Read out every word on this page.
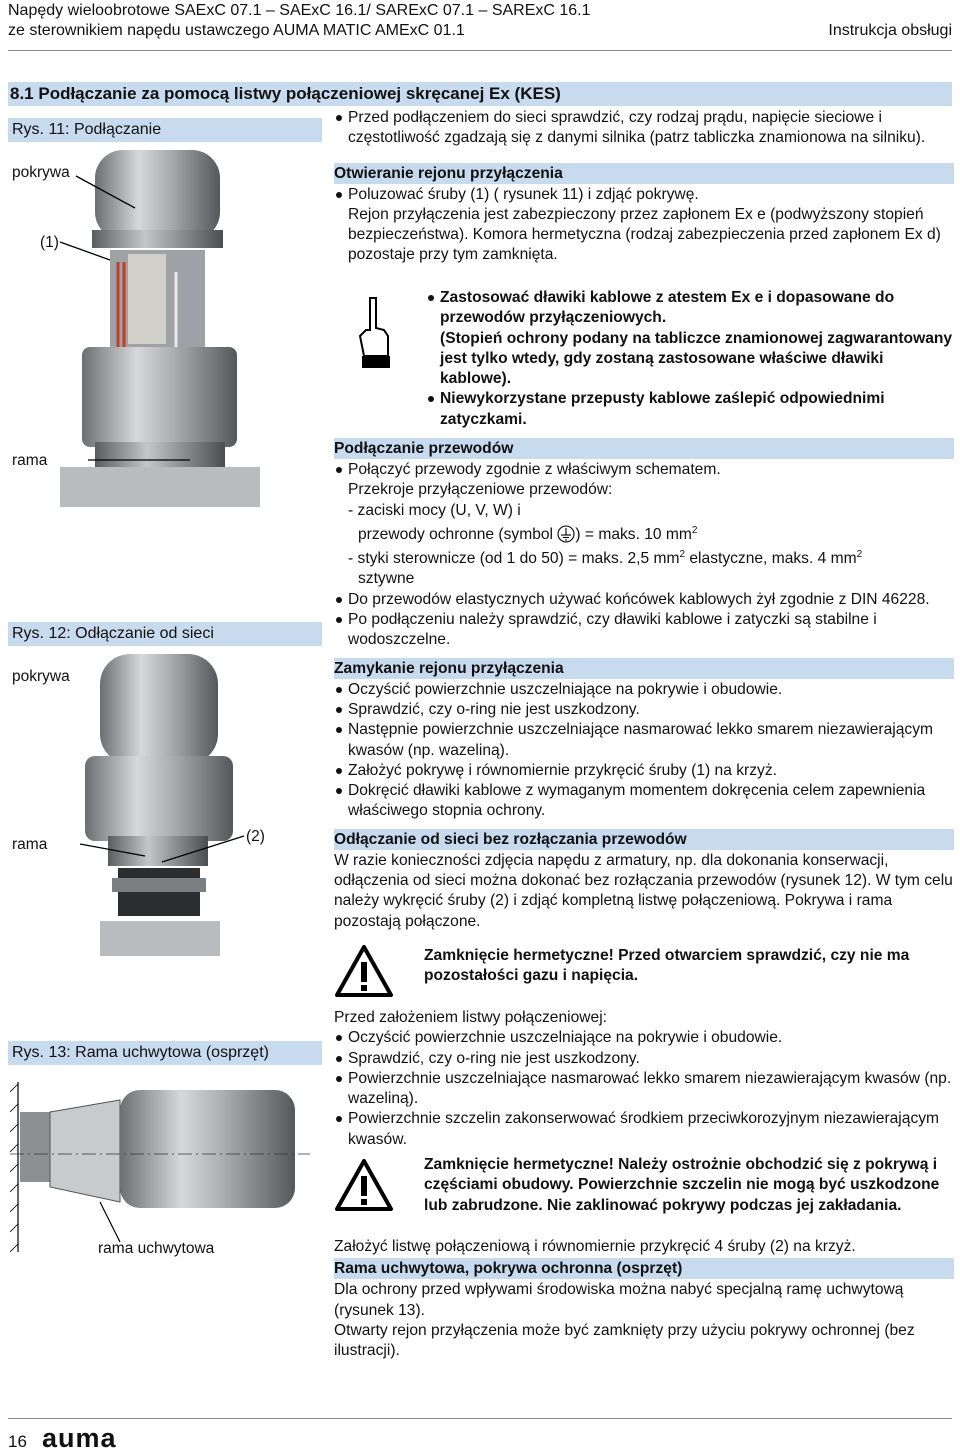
Napędy wieloobrotowe SAExC 07.1 – SAExC 16.1/ SARExC 07.1 – SARExC 16.1
ze sterownikiem napędu ustawczego AUMA MATIC AMExC 01.1	Instrukcja obsługi
8.1 Podłączanie za pomocą listwy połączeniowej skręcanej Ex (KES)
Rys. 11: Podłączanie
pokrywa
(1)
rama
Rys. 12: Odłączanie od sieci
pokrywa
rama	(2)
Rys. 13: Rama uchwytowa (osprzęt)
rama uchwytowa
Przed podłączeniem do sieci sprawdzić, czy rodzaj prądu, napięcie sieciowe i częstotliwość zgadzają się z danymi silnika (patrz tabliczka znamionowa na silniku).
Otwieranie rejonu przyłączenia
Poluzować śruby (1) ( rysunek 11) i zdjąć pokrywę.
Rejon przyłączenia jest zabezpieczony przez zapłonem Ex e (podwyższony stopień bezpieczeństwa). Komora hermetyczna (rodzaj zabezpieczenia przed zapłonem Ex d) pozostaje przy tym zamknięta.
Zastosować dławiki kablowe z atestem Ex e i dopasowane do przewodów przyłączeniowych.
(Stopień ochrony podany na tabliczce znamionowej zagwarantowany jest tylko wtedy, gdy zostaną zastosowane właściwe dławiki kablowe).
Niewykorzystane przepusty kablowe zaślepić odpowiednimi zatyczkami.
Podłączanie przewodów
Połączyć przewody zgodnie z właściwym schematem.
Przekroje przyłączeniowe przewodów:
- zaciski mocy (U, V, W) i
przewody ochronne (symbol ) = maks. 10 $mm^2$
- styki sterownicze (od 1 do 50) = maks. 2,5 $mm^2$ elastyczne, maks. 4 $mm^2$
sztywne
Do przewodów elastycznych używać końcówek kablowych żył zgodnie z DIN 46228.
Po podłączeniu należy sprawdzić, czy dławiki kablowe i zatyczki są stabilne i wodoszczelne.
Zamykanie rejonu przyłączenia
Oczyścić powierzchnie uszczelniające na pokrywie i obudowie.
Sprawdzić, czy o-ring nie jest uszkodzony.
Następnie powierzchnie uszczelniające nasmarować lekko smarem niezawierającym kwasów (np. wazeliną).
Założyć pokrywę i równomiernie przykręcić śruby (1) na krzyż.
Dokręcić dławiki kablowe z wymaganym momentem dokręcenia celem zapewnienia właściwego stopnia ochrony.
Odłączanie od sieci bez rozłączania przewodów
W razie konieczności zdjęcia napędu z armatury, np. dla dokonania konserwacji, odłączenia od sieci można dokonać bez rozłączania przewodów (rysunek 12). W tym celu należy wykręcić śruby (2) i zdjąć kompletną listwę połączeniową. Pokrywa i rama pozostają połączone.
Zamknięcie hermetyczne! Przed otwarciem sprawdzić, czy nie ma pozostałości gazu i napięcia.
Przed założeniem listwy połączeniowej:
Oczyścić powierzchnie uszczelniające na pokrywie i obudowie.
Sprawdzić, czy o-ring nie jest uszkodzony.
Powierzchnie uszczelniające nasmarować lekko smarem niezawierającym kwasów (np. wazeliną).
Powierzchnie szczelin zakonserwować środkiem przeciwkorozyjnym niezawierającym kwasów.
Zamknięcie hermetyczne! Należy ostrożnie obchodzić się z pokrywą i częściami obudowy. Powierzchnie szczelin nie mogą być uszkodzone lub zabrudzone. Nie zaklinować pokrywy podczas jej zakładania.
Założyć listwę połączeniową i równomiernie przykręcić 4 śruby (2) na krzyż.
Rama uchwytowa, pokrywa ochronna (osprzęt)
Dla ochrony przed wpływami środowiska można nabyć specjalną ramę uchwytową (rysunek 13).
Otwarty rejon przyłączenia może być zamknięty przy użyciu pokrywy ochronnej (bez ilustracji).
16 auma
